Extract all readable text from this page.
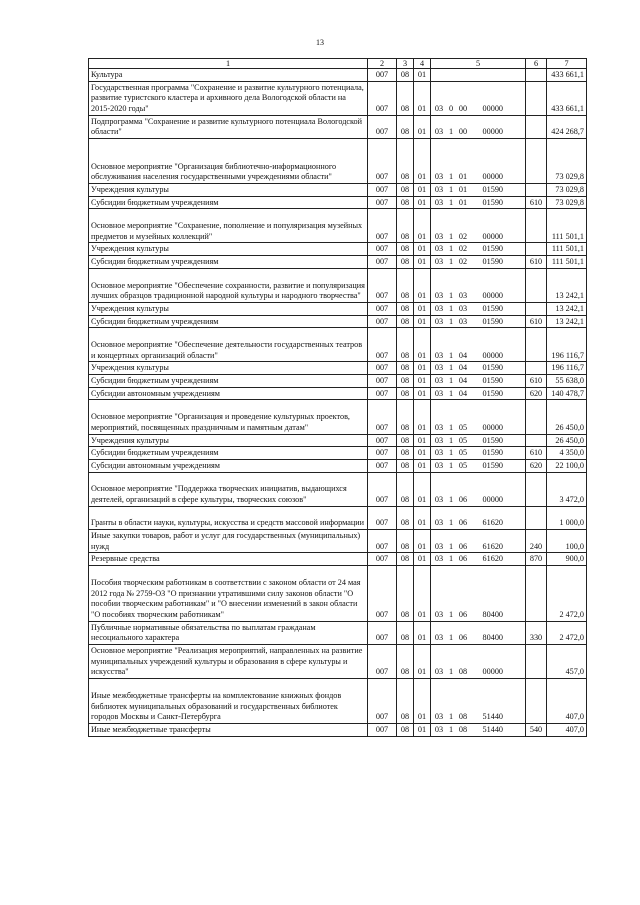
13
1	2	3	4	5	6	7
Культура	007	08	01			433 661,1
Государственная программа "Сохранение и развитие культурного потенциала, развитие туристского кластера и архивного дела Вологодской области на 2015-2020 годы"	007	08	01	03 0 00 00000		433 661,1
Подпрограмма "Сохранение и развитие культурного потенциала Вологодской области"	007	08	01	03 1 00 00000		424 268,7
Основное мероприятие "Организация библиотечно-информационного обслуживания населения государственными учреждениями области"	007	08	01	03 1 01 00000		73 029,8
Учреждения культуры	007	08	01	03 1 01 01590		73 029,8
Субсидии бюджетным учреждениям	007	08	01	03 1 01 01590	610	73 029,8
Основное мероприятие "Сохранение, пополнение и популяризация музейных предметов и музейных коллекций"	007	08	01	03 1 02 00000		111 501,1
Учреждения культуры	007	08	01	03 1 02 01590		111 501,1
Субсидии бюджетным учреждениям	007	08	01	03 1 02 01590	610	111 501,1
Основное мероприятие "Обеспечение сохранности, развитие и популяризация лучших образцов традиционной народной культуры и народного творчества"	007	08	01	03 1 03 00000		13 242,1
Учреждения культуры	007	08	01	03 1 03 01590		13 242,1
Субсидии бюджетным учреждениям	007	08	01	03 1 03 01590	610	13 242,1
Основное мероприятие "Обеспечение деятельности государственных театров и концертных организаций области"	007	08	01	03 1 04 00000		196 116,7
Учреждения культуры	007	08	01	03 1 04 01590		196 116,7
Субсидии бюджетным учреждениям	007	08	01	03 1 04 01590	610	55 638,0
Субсидии автономным учреждениям	007	08	01	03 1 04 01590	620	140 478,7
Основное мероприятие "Организация и проведение культурных проектов, мероприятий, посвященных праздничным и памятным датам"	007	08	01	03 1 05 00000		26 450,0
Учреждения культуры	007	08	01	03 1 05 01590		26 450,0
Субсидии бюджетным учреждениям	007	08	01	03 1 05 01590	610	4 350,0
Субсидии автономным учреждениям	007	08	01	03 1 05 01590	620	22 100,0
Основное мероприятие "Поддержка творческих инициатив, выдающихся деятелей, организаций в сфере культуры, творческих союзов"	007	08	01	03 1 06 00000		3 472,0
Гранты в области науки, культуры, искусства и средств массовой информации	007	08	01	03 1 06 61620		1 000,0
Иные закупки товаров, работ и услуг для государственных (муниципальных) нужд	007	08	01	03 1 06 61620	240	100,0
Резервные средства	007	08	01	03 1 06 61620	870	900,0
Пособия творческим работникам в соответствии с законом области от 24 мая 2012 года № 2759-ОЗ "О признании утратившими силу законов области "О пособии творческим работникам" и "О внесении изменений в закон области "О пособиях творческим работникам"	007	08	01	03 1 06 80400		2 472,0
Публичные нормативные обязательства по выплатам гражданам несоциального характера	007	08	01	03 1 06 80400	330	2 472,0
Основное мероприятие "Реализация мероприятий, направленных на развитие муниципальных учреждений культуры и образования в сфере культуры и искусства"	007	08	01	03 1 08 00000		457,0
Иные межбюджетные трансферты на комплектование книжных фондов библиотек муниципальных образований и государственных библиотек городов Москвы и Санкт-Петербурга	007	08	01	03 1 08 51440		407,0
Иные межбюджетные трансферты	007	08	01	03 1 08 51440	540	407,0
